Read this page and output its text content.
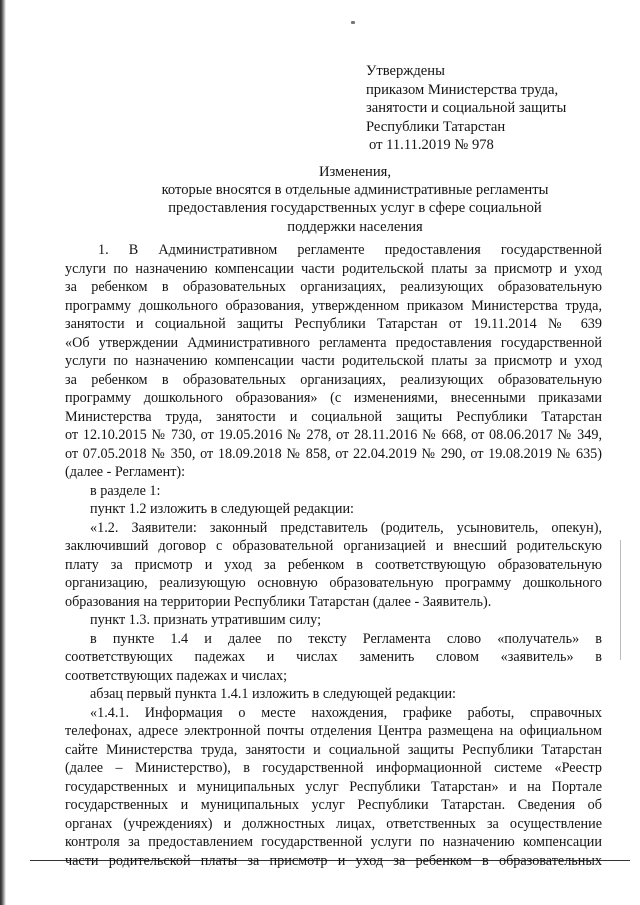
Утверждены
приказом Министерства труда,
занятости и социальной защиты
Республики Татарстан
от 11.11.2019 № 978
Изменения,
которые вносятся в отдельные административные регламенты
предоставления государственных услуг в сфере социальной
поддержки населения
1. В Административном регламенте предоставления государственной
услуги по назначению компенсации части родительской платы за присмотр и уход
за ребенком в образовательных организациях, реализующих образовательную
программу дошкольного образования, утвержденном приказом Министерства труда,
занятости и социальной защиты Республики Татарстан от 19.11.2014 № 639
«Об утверждении Административного регламента предоставления государственной
услуги по назначению компенсации части родительской платы за присмотр и уход
за ребенком в образовательных организациях, реализующих образовательную
программу дошкольного образования» (с изменениями, внесенными приказами
Министерства труда, занятости и социальной защиты Республики Татарстан
от 12.10.2015 № 730, от 19.05.2016 № 278, от 28.11.2016 № 668, от 08.06.2017 № 349,
от 07.05.2018 № 350, от 18.09.2018 № 858, от 22.04.2019 № 290, от 19.08.2019 № 635)
(далее - Регламент):
в разделе 1:
пункт 1.2 изложить в следующей редакции:
«1.2. Заявители: законный представитель (родитель, усыновитель, опекун),
заключивший договор с образовательной организацией и внесший родительскую
плату за присмотр и уход за ребенком в соответствующую образовательную
организацию, реализующую основную образовательную программу дошкольного
образования на территории Республики Татарстан (далее - Заявитель).
пункт 1.3. признать утратившим силу;
в пункте 1.4 и далее по тексту Регламента слово «получатель» в
соответствующих падежах и числах заменить словом «заявитель» в
соответствующих падежах и числах;
абзац первый пункта 1.4.1 изложить в следующей редакции:
«1.4.1. Информация о месте нахождения, графике работы, справочных
телефонах, адресе электронной почты отделения Центра размещена на официальном
сайте Министерства труда, занятости и социальной защиты Республики Татарстан
(далее – Министерство), в государственной информационной системе «Реестр
государственных и муниципальных услуг Республики Татарстан» и на Портале
государственных и муниципальных услуг Республики Татарстан. Сведения об
органах (учреждениях) и должностных лицах, ответственных за осуществление
контроля за предоставлением государственной услуги по назначению компенсации
части родительской платы за присмотр и уход за ребенком в образовательных
